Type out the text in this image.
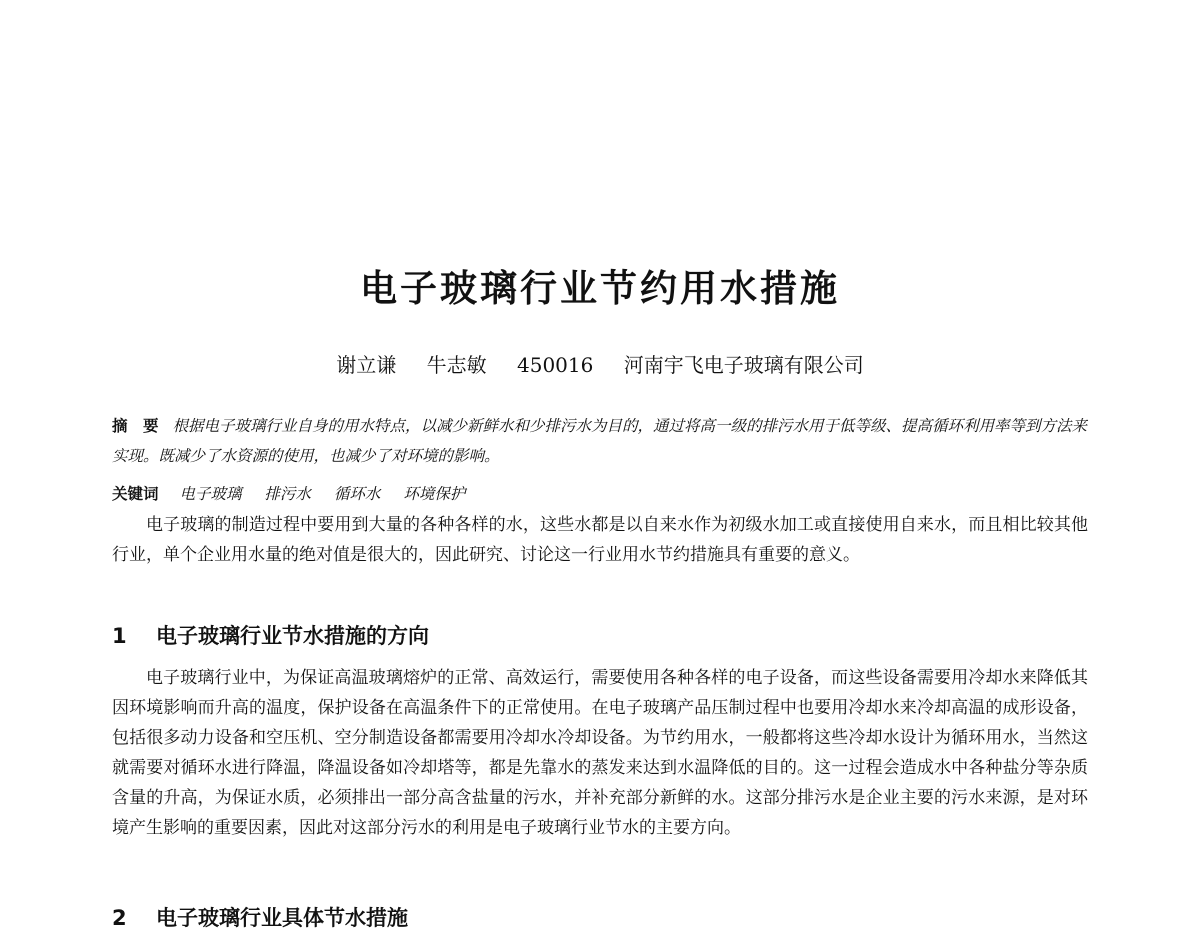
电子玻璃行业节约用水措施
谢立谦 牛志敏 450016 河南宇飞电子玻璃有限公司
摘　要 根据电子玻璃行业自身的用水特点，以减少新鲜水和少排污水为目的，通过将高一级的排污水用于低等级、提高循环利用率等到方法来实现。既减少了水资源的使用，也减少了对环境的影响。
关键词 电子玻璃 排污水 循环水 环境保护
电子玻璃的制造过程中要用到大量的各种各样的水，这些水都是以自来水作为初级水加工或直接使用自来水，而且相比较其他行业，单个企业用水量的绝对值是很大的，因此研究、讨论这一行业用水节约措施具有重要的意义。
1 电子玻璃行业节水措施的方向
电子玻璃行业中，为保证高温玻璃熔炉的正常、高效运行，需要使用各种各样的电子设备，而这些设备需要用冷却水来降低其因环境影响而升高的温度，保护设备在高温条件下的正常使用。在电子玻璃产品压制过程中也要用冷却水来冷却高温的成形设备，包括很多动力设备和空压机、空分制造设备都需要用冷却水冷却设备。为节约用水，一般都将这些冷却水设计为循环用水，当然这就需要对循环水进行降温，降温设备如冷却塔等，都是先靠水的蒸发来达到水温降低的目的。这一过程会造成水中各种盐分等杂质含量的升高，为保证水质，必须排出一部分高含盐量的污水，并补充部分新鲜的水。这部分排污水是企业主要的污水来源，是对环境产生影响的重要因素，因此对这部分污水的利用是电子玻璃行业节水的主要方向。
2 电子玻璃行业具体节水措施
